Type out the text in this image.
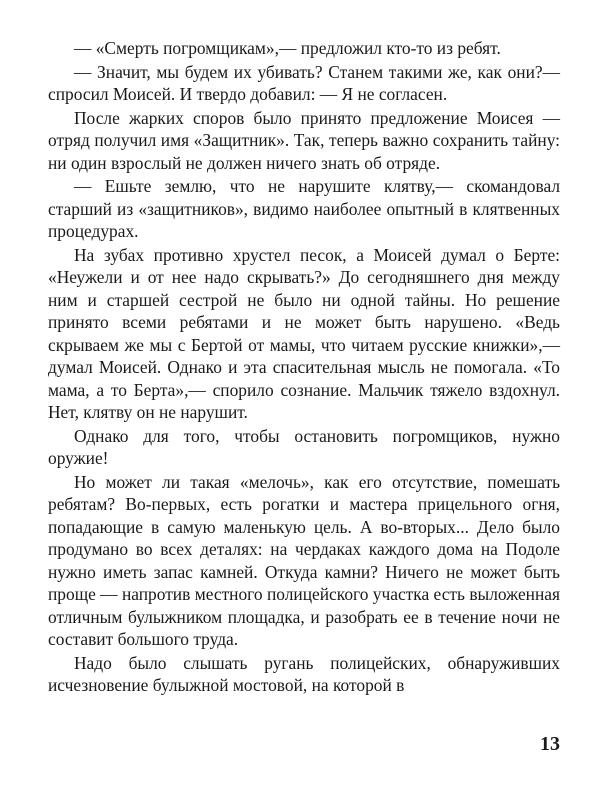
— «Смерть погромщикам»,— предложил кто-то из ребят.

— Значит, мы будем их убивать? Станем такими же, как они?— спросил Моисей. И твердо добавил: — Я не согласен.

После жарких споров было принято предложение Моисея — отряд получил имя «Защитник». Так, теперь важно сохранить тайну: ни один взрослый не должен ничего знать об отряде.

— Ешьте землю, что не нарушите клятву,— скомандовал старший из «защитников», видимо наиболее опытный в клятвенных процедурах.

На зубах противно хрустел песок, а Моисей думал о Берте: «Неужели и от нее надо скрывать?» До сегодняшнего дня между ним и старшей сестрой не было ни одной тайны. Но решение принято всеми ребятами и не может быть нарушено. «Ведь скрываем же мы с Бертой от мамы, что читаем русские книжки»,— думал Моисей. Однако и эта спасительная мысль не помогала. «То мама, а то Берта»,— спорило сознание. Мальчик тяжело вздохнул. Нет, клятву он не нарушит.

Однако для того, чтобы остановить погромщиков, нужно оружие!

Но может ли такая «мелочь», как его отсутствие, помешать ребятам? Во-первых, есть рогатки и мастера прицельного огня, попадающие в самую маленькую цель. А во-вторых... Дело было продумано во всех деталях: на чердаках каждого дома на Подоле нужно иметь запас камней. Откуда камни? Ничего не может быть проще — напротив местного полицейского участка есть выложенная отличным булыжником площадка, и разобрать ее в течение ночи не составит большого труда.

Надо было слышать ругань полицейских, обнаруживших исчезновение булыжной мостовой, на которой в

13
